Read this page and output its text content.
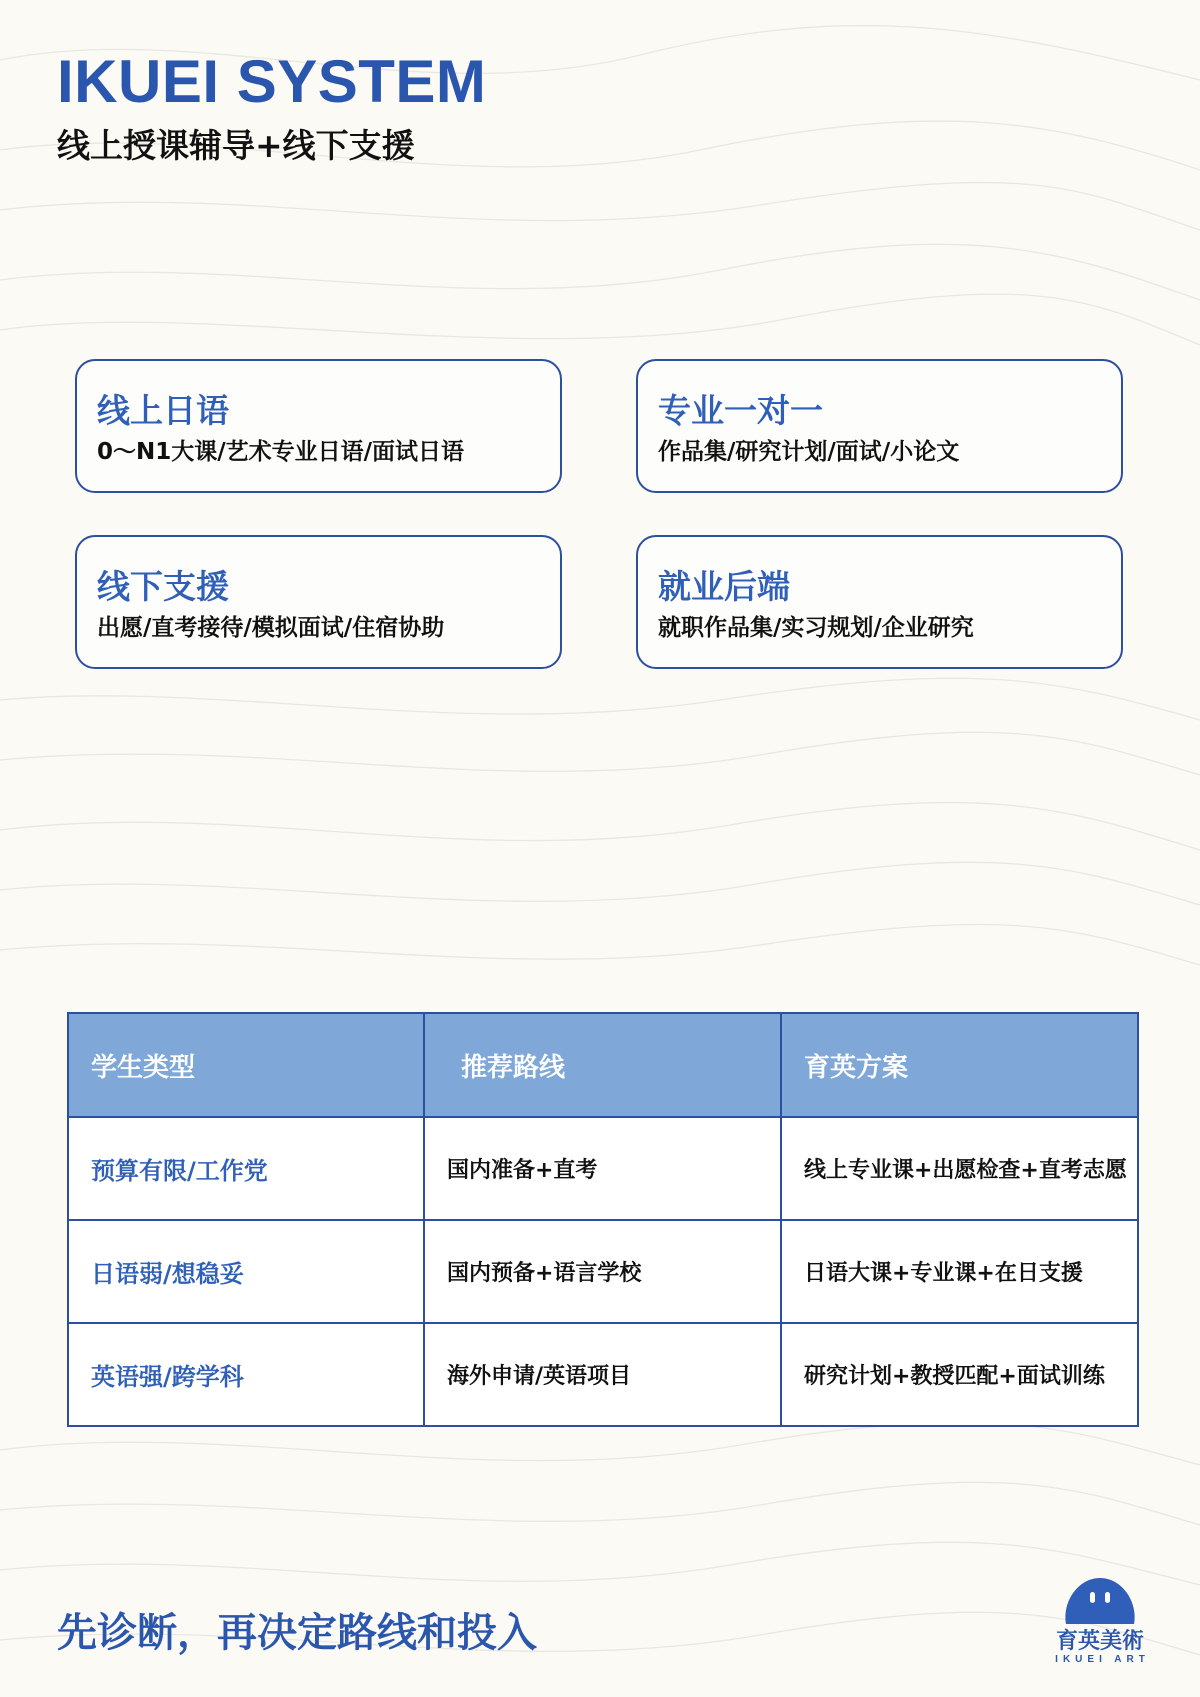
IKUEI SYSTEM
线上授课辅导+线下支援
线上日语
0～N1大课/艺术专业日语/面试日语
专业一对一
作品集/研究计划/面试/小论文
线下支援
出愿/直考接待/模拟面试/住宿协助
就业后端
就职作品集/实习规划/企业研究
学生类型	推荐路线	育英方案
预算有限/工作党	国内准备+直考	线上专业课+出愿检查+直考志愿
日语弱/想稳妥	国内预备+语言学校	日语大课+专业课+在日支援
英语强/跨学科	海外申请/英语项目	研究计划+教授匹配+面试训练

先诊断，再决定路线和投入	育英美術
IKUEI ART
